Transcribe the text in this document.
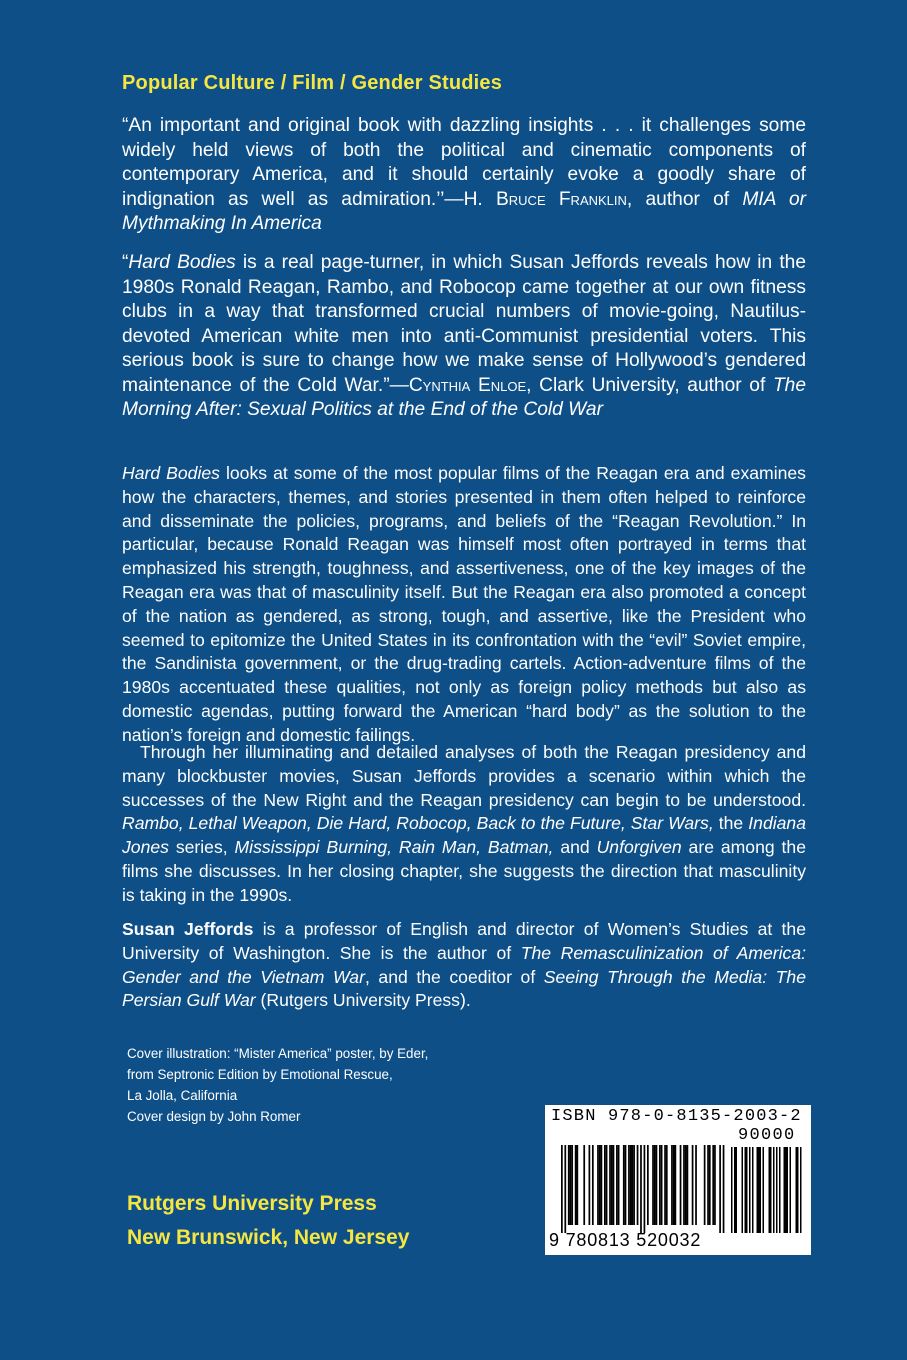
Popular Culture / Film / Gender Studies

“An important and original book with dazzling insights . . . it challenges some widely held views of both the political and cinematic components of contemporary America, and it should certainly evoke a goodly share of indignation as well as admiration.’’—H. Bruce Franklin, author of MIA or Mythmaking In America

“Hard Bodies is a real page-turner, in which Susan Jeffords reveals how in the 1980s Ronald Reagan, Rambo, and Robocop came together at our own fitness clubs in a way that transformed crucial numbers of movie-going, Nautilus-devoted American white men into anti-Communist presidential voters. This serious book is sure to change how we make sense of Hollywood’s gendered maintenance of the Cold War.”—Cynthia Enloe, Clark University, author of The Morning After: Sexual Politics at the End of the Cold War

Hard Bodies looks at some of the most popular films of the Reagan era and examines how the characters, themes, and stories presented in them often helped to reinforce and disseminate the policies, programs, and beliefs of the “Reagan Revolution.” In particular, because Ronald Reagan was himself most often portrayed in terms that emphasized his strength, toughness, and assertiveness, one of the key images of the Reagan era was that of masculinity itself. But the Reagan era also promoted a concept of the nation as gendered, as strong, tough, and assertive, like the President who seemed to epitomize the United States in its confrontation with the “evil” Soviet empire, the Sandinista government, or the drug-trading cartels. Action-adventure films of the 1980s accentuated these qualities, not only as foreign policy methods but also as domestic agendas, putting forward the American “hard body” as the solution to the nation’s foreign and domestic failings.

Through her illuminating and detailed analyses of both the Reagan presidency and many blockbuster movies, Susan Jeffords provides a scenario within which the successes of the New Right and the Reagan presidency can begin to be understood. Rambo, Lethal Weapon, Die Hard, Robocop, Back to the Future, Star Wars, the Indiana Jones series, Mississippi Burning, Rain Man, Batman, and Unforgiven are among the films she discusses. In her closing chapter, she suggests the direction that masculinity is taking in the 1990s.

Susan Jeffords is a professor of English and director of Women’s Studies at the University of Washington. She is the author of The Remasculinization of America: Gender and the Vietnam War, and the coeditor of Seeing Through the Media: The Persian Gulf War (Rutgers University Press).

Cover illustration: “Mister America” poster, by Eder,
from Septronic Edition by Emotional Rescue,
La Jolla, California
Cover design by John Romer
Rutgers University Press
New Brunswick, New Jersey
ISBN 978-0-8135-2003-2
90000
9 780813 520032
